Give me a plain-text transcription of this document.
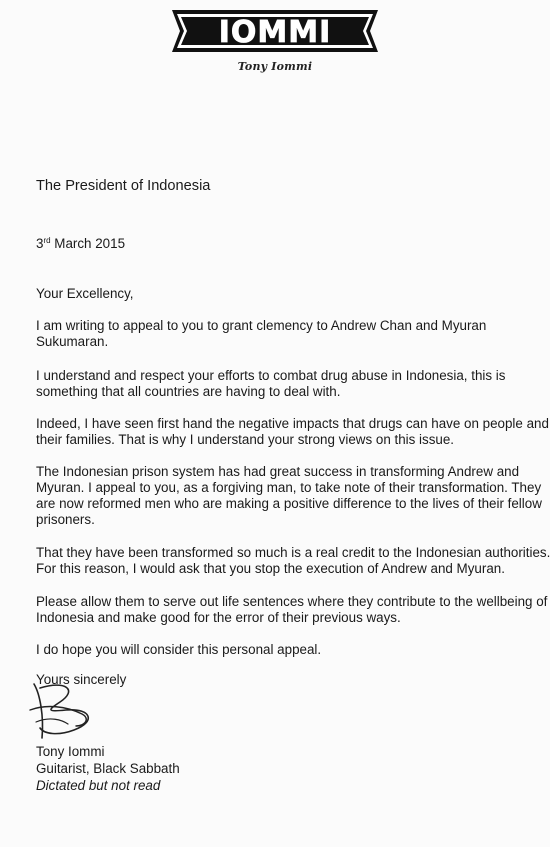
IOMMI
Tony Iommi
The President of Indonesia
3rd March 2015
Your Excellency,
I am writing to appeal to you to grant clemency to Andrew Chan and Myuran
Sukumaran.
I understand and respect your efforts to combat drug abuse in Indonesia, this is
something that all countries are having to deal with.
Indeed, I have seen first hand the negative impacts that drugs can have on people and
their families. That is why I understand your strong views on this issue.
The Indonesian prison system has had great success in transforming Andrew and
Myuran. I appeal to you, as a forgiving man, to take note of their transformation. They
are now reformed men who are making a positive difference to the lives of their fellow
prisoners.
That they have been transformed so much is a real credit to the Indonesian authorities.
For this reason, I would ask that you stop the execution of Andrew and Myuran.
Please allow them to serve out life sentences where they contribute to the wellbeing of
Indonesia and make good for the error of their previous ways.
I do hope you will consider this personal appeal.
Yours sincerely
Tony Iommi
Guitarist, Black Sabbath
Dictated but not read
